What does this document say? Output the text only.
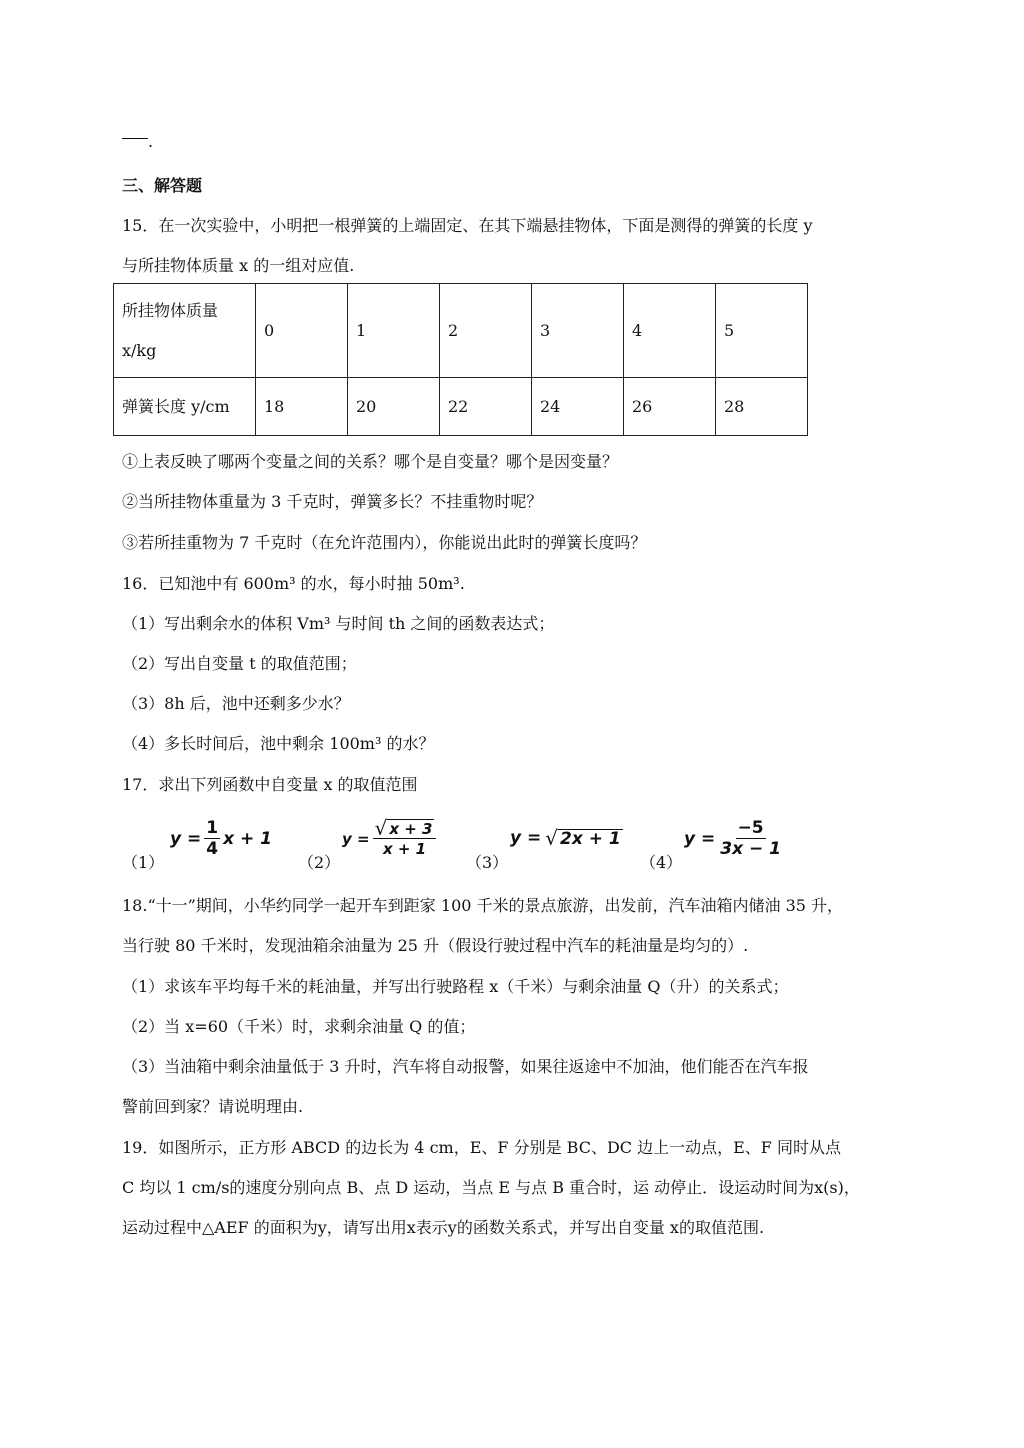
.
三、解答题
15．在一次实验中，小明把一根弹簧的上端固定、在其下端悬挂物体，下面是测得的弹簧的长度 y
与所挂物体质量 x 的一组对应值.
所挂物体质量
x/kg	0	1	2	3	4	5
弹簧长度 y/cm	18	20	22	24	26	28
①上表反映了哪两个变量之间的关系？哪个是自变量？哪个是因变量？
②当所挂物体重量为 3 千克时，弹簧多长？不挂重物时呢？
③若所挂重物为 7 千克时（在允许范围内），你能说出此时的弹簧长度吗？
16．已知池中有 600m³ 的水，每小时抽 50m³.
（1）写出剩余水的体积 Vm³ 与时间 th 之间的函数表达式；
（2）写出自变量 t 的取值范围；
（3）8h 后，池中还剩多少水？
（4）多长时间后，池中剩余 100m³ 的水？
17．求出下列函数中自变量 x 的取值范围
（1）
$y = \frac{1}{4}$ x + 1
（2）
$y = \frac{√ x + 3}{x + 1}$
（3）
y = √ 2x + 1
（4）
$y = \frac{-5}{3x - 1}$
18.“十一”期间，小华约同学一起开车到距家 100 千米的景点旅游，出发前，汽车油箱内储油 35 升，
当行驶 80 千米时，发现油箱余油量为 25 升（假设行驶过程中汽车的耗油量是均匀的）.
（1）求该车平均每千米的耗油量，并写出行驶路程 x（千米）与剩余油量 Q（升）的关系式；
（2）当 x=60（千米）时，求剩余油量 Q 的值；
（3）当油箱中剩余油量低于 3 升时，汽车将自动报警，如果往返途中不加油，他们能否在汽车报
警前回到家？请说明理由.
19．如图所示，正方形 ABCD 的边长为 4 cm，E、F 分别是 BC、DC 边上一动点，E、F 同时从点
C 均以 1 cm/s的速度分别向点 B、点 D 运动，当点 E 与点 B 重合时，运 动停止．设运动时间为x(s)，
运动过程中△AEF 的面积为y，请写出用x表示y的函数关系式，并写出自变量 x的取值范围.
